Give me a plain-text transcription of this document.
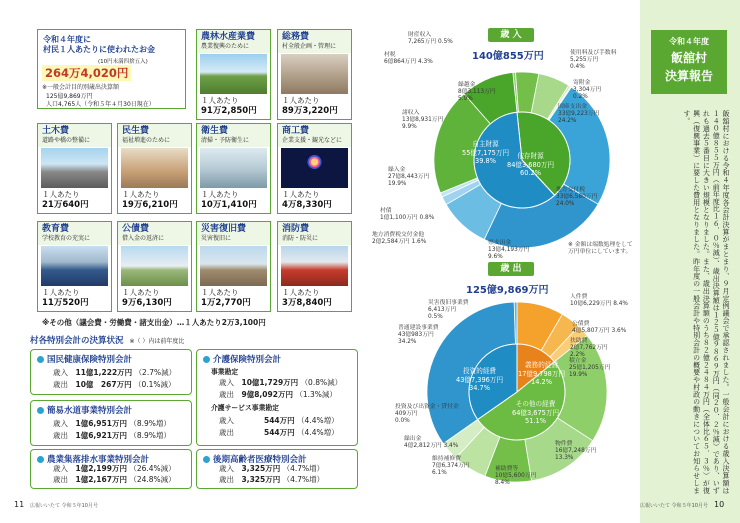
令和４年度に
村民１人あたりに使われたお金
(10円未満四捨五入)
264万4,020円
※一般会計目的別歳出決算額
125億9,869万円
人口4,765人（令和５年４月30日現在）
農林水産業費
農業復興のために
１人あたり
91万2,850円
総務費
村全般企画・管理に
１人あたり
89万3,220円
土木費
道路や橋の整備に
１人あたり
21万640円
民生費
福祉増進のために
１人あたり
19万6,210円
衛生費
清掃・予防衛生に
１人あたり
10万1,410円
商工費
企業支援・観光などに
１人あたり
4万8,330円
教育費
学校教育の充実に
１人あたり
11万520円
公債費
借入金の返済に
１人あたり
9万6,130円
災害復旧費
災害復旧に
１人あたり
1万2,770円
消防費
消防・防災に
１人あたり
3万8,840円
※その他（議会費・労働費・諸支出金）…１人あたり2万3,100円
村各特別会計の決算状況 ※（ ）内は前年度比
国民健康保険特別会計
歳入　 11億1,222万円 （2.7%減）
歳出　 10億　267万円 （0.1%減）
簡易水道事業特別会計
歳入　 1億6,951万円 （8.9%増）
歳出　 1億6,921万円 （8.9%増）
農業集落排水事業特別会計
歳入　 1億2,199万円 （26.4%減）
歳出　 1億2,167万円 （24.8%減）
介護保険特別会計
事業勘定
歳入　 10億1,729万円 （0.8%減）
歳出　 9億8,092万円 （1.3%減）
介護サービス事業勘定
歳入　　　　	544万円 （4.4%増）
歳出　　　　	544万円 （4.4%増）
後期高齢者医療特別会計
歳入　 3,325万円 （4.7%増）
歳出　 3,325万円 （4.7%増）
11 広報いいたて 令和５年10月号
歳 入
140億855万円
歳 出
125億9,869万円
財産収入
7,265万円 0.5%
村税
6億864万円 4.3%
繰越金
8億3,113万円
5.9%
使用料及び手数料
5,255万円
0.4%
寄附金
3,304万円
0.2%
国庫支出金
33億9,223万円
24.2%
諸収入
13億8,931万円
9.9%
繰入金
27億8,443万円
19.9%
地方交付税
33億6,580万円
24.0%
県支出金
13億4,193万円
9.6%
村債
1億1,100万円 0.8%
地方消費税交付金他
2億2,584万円 1.6%	※ 金額は端数処理をして
万円単位にしています。
自主財源
55億7,175万円
39.8%
依存財源
84億3,680万円
60.2%
災害復旧事業費
6,413万円
0.5%
人件費
10億6,229万円 8.4%
公債費
4億5,807万円 3.6%
扶助費
2億7,762万円
2.2%
普通建設事業費
43億983万円
34.2%
積立金
25億1,205万円
19.9%
投資及び出資金・貸付金
409万円
0.0%
繰出金
4億2,812万円 3.4%
維持補修費
7億6,374万円
6.1%
物件費
16億7,248万円
13.3%
補助費等
10億5,600万円
8.4%
義務的経費
17億9,798万円
14.2%
投資的経費
43億7,396万円
34.7%
その他の経費
64億3,675万円
51.1%
令和４年度
飯舘村
決算報告
飯舘村における令和４年度各会計決算がまとまり、９月定例議会で承認されました。一般会計における歳入決算額は１４０億８５５万円（前年度比１６．０％減）、歳出決算額は１２５億９８６９万円（同２０．２％減）であり、いずれも過去５番目に大きい規模となりました。また、歳出決算額のうち８２億２４８４万円（全体比６５．３％）が復興（復興事業）に要した費用となりました。昨年度の一般会計や特別会計の概要や村政の動きについてお知らせします。
広報いいたて 令和５年10月号 10
